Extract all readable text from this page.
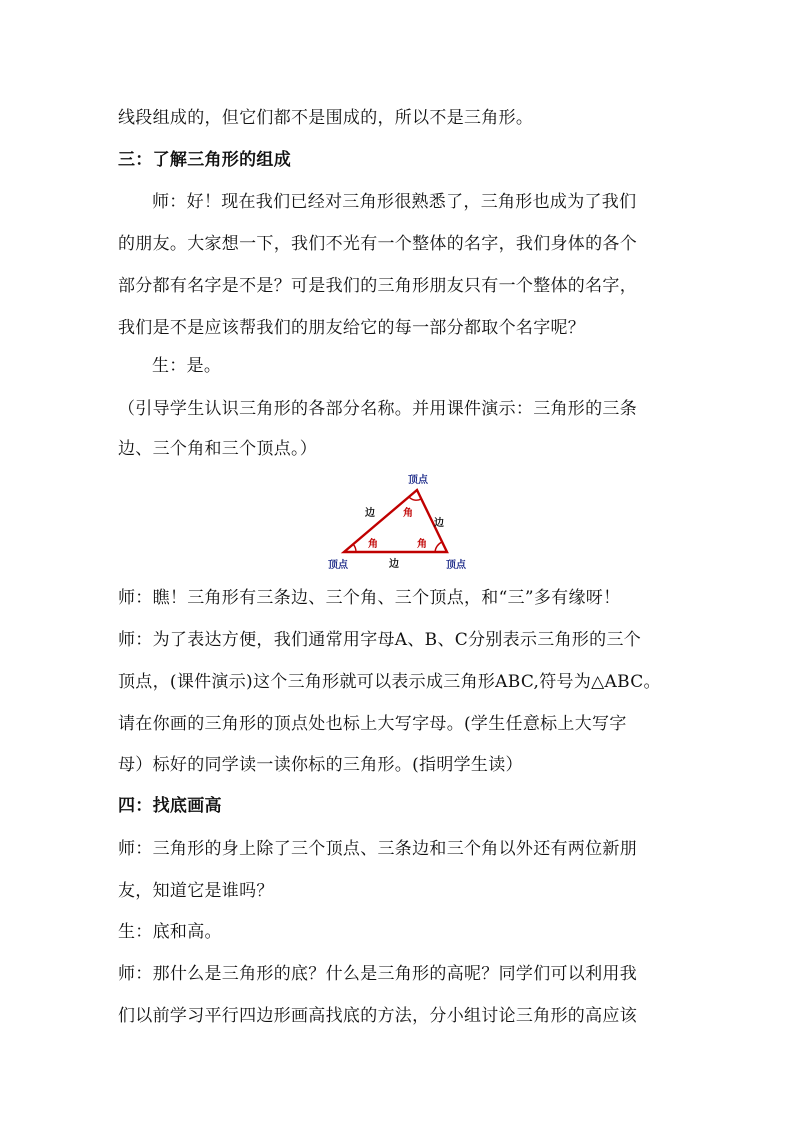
线段组成的，但它们都不是围成的，所以不是三角形。
三：了解三角形的组成
师：好！现在我们已经对三角形很熟悉了，三角形也成为了我们
的朋友。大家想一下，我们不光有一个整体的名字，我们身体的各个
部分都有名字是不是？可是我们的三角形朋友只有一个整体的名字，
我们是不是应该帮我们的朋友给它的每一部分都取个名字呢？
生：是。
（引导学生认识三角形的各部分名称。并用课件演示：三角形的三条
边、三个角和三个顶点。）
顶点
顶点	顶点
边
边
边
角
角	角
师：瞧！三角形有三条边、三个角、三个顶点，和“三”多有缘呀！
师：为了表达方便，我们通常用字母A、B、C分别表示三角形的三个
顶点，(课件演示)这个三角形就可以表示成三角形ABC,符号为△ABC。
请在你画的三角形的顶点处也标上大写字母。(学生任意标上大写字
母）标好的同学读一读你标的三角形。(指明学生读）
四：找底画高
师：三角形的身上除了三个顶点、三条边和三个角以外还有两位新朋
友，知道它是谁吗？
生：底和高。
师：那什么是三角形的底？什么是三角形的高呢？同学们可以利用我
们以前学习平行四边形画高找底的方法，分小组讨论三角形的高应该
